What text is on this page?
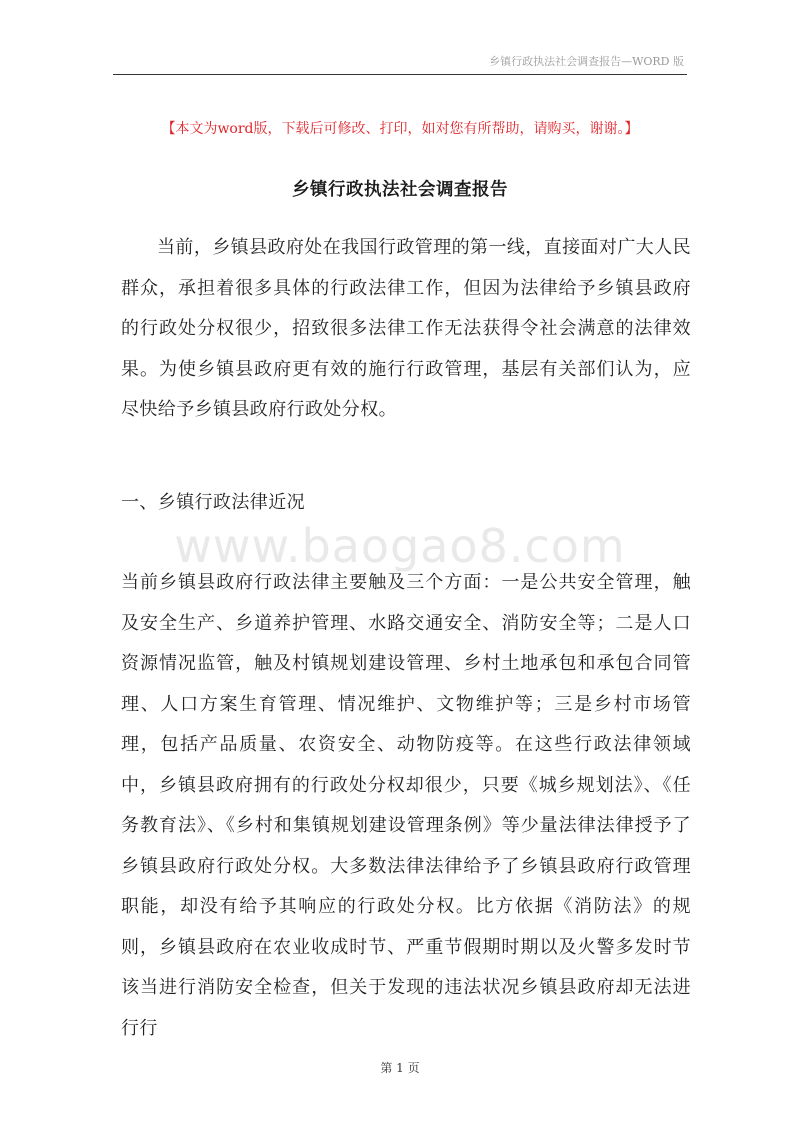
乡镇行政执法社会调查报告—WORD 版
【本文为word版，下载后可修改、打印，如对您有所帮助，请购买，谢谢。】
乡镇行政执法社会调查报告

当前，乡镇县政府处在我国行政管理的第一线，直接面对广大人民群众，承担着很多具体的行政法律工作，但因为法律给予乡镇县政府的行政处分权很少，招致很多法律工作无法获得令社会满意的法律效果。为使乡镇县政府更有效的施行行政管理，基层有关部们认为，应尽快给予乡镇县政府行政处分权。

一、乡镇行政法律近况
www.baogao8.com

当前乡镇县政府行政法律主要触及三个方面：一是公共安全管理，触及安全生产、乡道养护管理、水路交通安全、消防安全等；二是人口资源情况监管，触及村镇规划建设管理、乡村土地承包和承包合同管理、人口方案生育管理、情况维护、文物维护等；三是乡村市场管理，包括产品质量、农资安全、动物防疫等。在这些行政法律领域中，乡镇县政府拥有的行政处分权却很少，只要《城乡规划法》、《任务教育法》、《乡村和集镇规划建设管理条例》等少量法律法律授予了乡镇县政府行政处分权。大多数法律法律给予了乡镇县政府行政管理职能，却没有给予其响应的行政处分权。比方依据《消防法》的规则，乡镇县政府在农业收成时节、严重节假期时期以及火警多发时节该当进行消防安全检查，但关于发现的违法状况乡镇县政府却无法进行行

第 1 页
